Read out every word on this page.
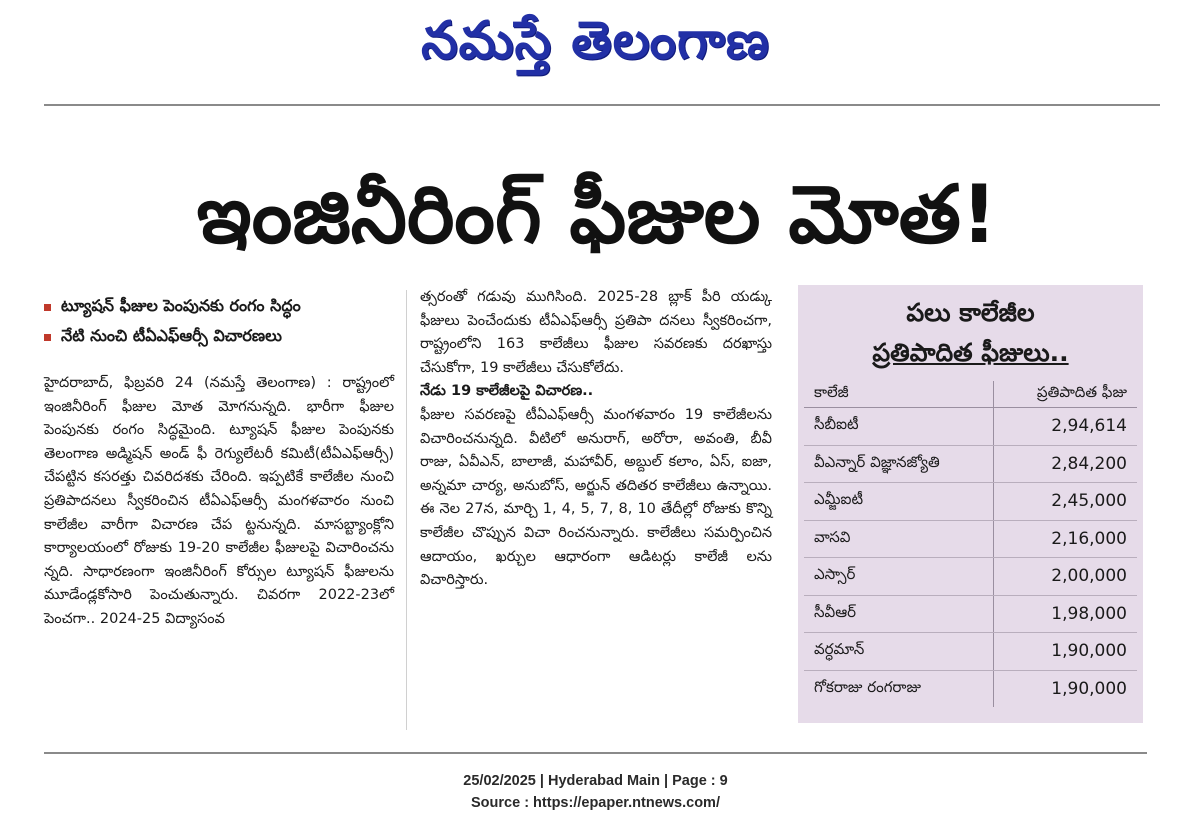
నమస్తే తెలంగాణ
ఇంజినీరింగ్ ఫీజుల మోత!
ట్యూషన్ ఫీజుల పెంపునకు రంగం సిద్ధం
నేటి నుంచి టీఏఎఫ్ఆర్సీ విచారణలు

హైదరాబాద్, ఫిబ్రవరి 24 (నమస్తే తెలంగాణ) : రాష్ట్రంలో ఇంజినీరింగ్ ఫీజుల మోత మోగనున్నది. భారీగా ఫీజుల పెంపునకు రంగం సిద్ధమైంది. ట్యూషన్ ఫీజుల పెంపునకు తెలంగాణ అడ్మిషన్ అండ్ ఫీ రెగ్యులేటరీ కమిటీ(టీఏఎఫ్ఆర్సీ) చేపట్టిన కసరత్తు చివరిదశకు చేరింది. ఇప్పటికే కాలేజీల నుంచి ప్రతిపాదనలు స్వీకరించిన టీఏఎఫ్ఆర్సీ మంగళవారం నుంచి కాలేజీల వారీగా విచారణ చేప ట్టనున్నది. మాసబ్ట్యాంక్లోని కార్యాలయంలో రోజుకు 19-20 కాలేజీల ఫీజులపై విచారించను న్నది. సాధారణంగా ఇంజినీరింగ్ కోర్సుల ట్యూషన్ ఫీజులను మూడేండ్లకోసారి పెంచుతున్నారు. చివరగా 2022-23లో పెంచగా.. 2024-25 విద్యాసంవ

త్సరంతో గడువు ముగిసింది. 2025-28 బ్లాక్ పీరి యడ్కు ఫీజులు పెంచేందుకు టీఏఎఫ్ఆర్సీ ప్రతిపా దనలు స్వీకరించగా, రాష్ట్రంలోని 163 కాలేజీలు ఫీజుల సవరణకు దరఖాస్తు చేసుకోగా, 19 కాలేజీలు చేసుకోలేదు.

నేడు 19 కాలేజీలపై విచారణ..

ఫీజుల సవరణపై టీఏఎఫ్ఆర్సీ మంగళవారం 19 కాలేజీలను విచారించనున్నది. వీటిలో అనురాగ్, అరోరా, అవంతి, బీవీ రాజు, ఏవీఎన్, బాలాజీ, మహావీర్, అబ్దుల్ కలాం, ఏస్, ఐజా, అన్నమా చార్య, అనుబోస్, అర్జున్ తదితర కాలేజీలు ఉన్నాయి. ఈ నెల 27న, మార్చి 1, 4, 5, 7, 8, 10 తేదీల్లో రోజుకు కొన్ని కాలేజీల చొప్పున విచా రించనున్నారు. కాలేజీలు సమర్పించిన ఆదాయం, ఖర్చుల ఆధారంగా ఆడిటర్లు కాలేజీ లను విచారిస్తారు.

పలు కాలేజీల
ప్రతిపాదిత ఫీజులు..
కాలేజీ	ప్రతిపాదిత ఫీజు
సీబీఐటీ	2,94,614
వీఎన్నార్ విజ్ఞానజ్యోతి	2,84,200
ఎమ్జీఐటీ	2,45,000
వాసవి	2,16,000
ఎస్సార్	2,00,000
సీవీఆర్	1,98,000
వర్ధమాన్	1,90,000
గోకరాజు రంగరాజు	1,90,000
25/02/2025 | Hyderabad Main | Page : 9
Source : https://epaper.ntnews.com/
